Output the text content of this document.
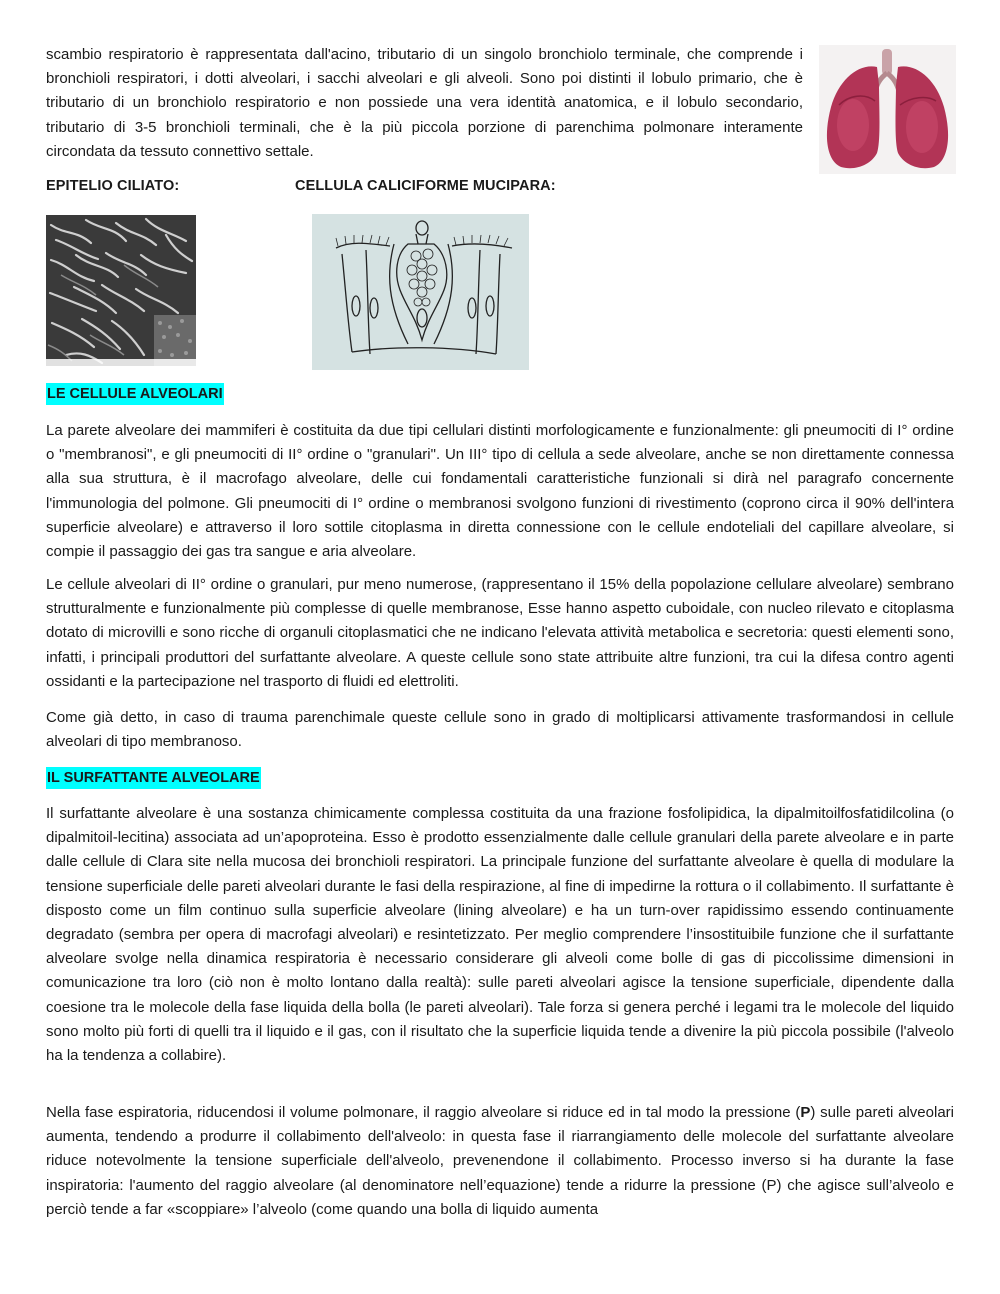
scambio respiratorio è rappresentata dall'acino, tributario di un singolo bronchiolo terminale, che comprende i bronchioli respiratori, i dotti alveolari, i sacchi alveolari e gli alveoli. Sono poi distinti il lobulo primario, che è tributario di un bronchiolo respiratorio e non possiede una vera identità anatomica, e il lobulo secondario, tributario di 3-5 bronchioli terminali, che è la più piccola porzione di parenchima polmonare interamente circondata da tessuto connettivo settale.

EPITELIO CILIATO:	CELLULA CALICIFORME MUCIPARA:
LE CELLULE ALVEOLARI

La parete alveolare dei mammiferi è costituita da due tipi cellulari distinti morfologicamente e funzionalmente: gli pneumociti di I° ordine o "membranosi", e gli pneumociti di II° ordine o "granulari". Un III° tipo di cellula a sede alveolare, anche se non direttamente connessa alla sua struttura, è il macrofago alveolare, delle cui fondamentali caratteristiche funzionali si dirà nel paragrafo concernente l'immunologia del polmone. Gli pneumociti di I° ordine o membranosi svolgono funzioni di rivestimento (coprono circa il 90% dell'intera superficie alveolare) e attraverso il loro sottile citoplasma in diretta connessione con le cellule endoteliali del capillare alveolare, si compie il passaggio dei gas tra sangue e aria alveolare.

Le cellule alveolari di II° ordine o granulari, pur meno numerose, (rappresentano il 15% della popolazione cellulare alveolare) sembrano strutturalmente e funzionalmente più complesse di quelle membranose, Esse hanno aspetto cuboidale, con nucleo rilevato e citoplasma dotato di microvilli e sono ricche di organuli citoplasmatici che ne indicano l'elevata attività metabolica e secretoria: questi elementi sono, infatti, i principali produttori del surfattante alveolare. A queste cellule sono state attribuite altre funzioni, tra cui la difesa contro agenti ossidanti e la partecipazione nel trasporto di fluidi ed elettroliti.

Come già detto, in caso di trauma parenchimale queste cellule sono in grado di moltiplicarsi attivamente trasformandosi in cellule alveolari di tipo membranoso.

IL SURFATTANTE ALVEOLARE

Il surfattante alveolare è una sostanza chimicamente complessa costituita da una frazione fosfolipidica, la dipalmitoilfosfatidilcolina (o dipalmitoil-lecitina) associata ad un’apoproteina. Esso è prodotto essenzialmente dalle cellule granulari della parete alveolare e in parte dalle cellule di Clara site nella mucosa dei bronchioli respiratori. La principale funzione del surfattante alveolare è quella di modulare la tensione superficiale delle pareti alveolari durante le fasi della respirazione, al fine di impedirne la rottura o il collabimento. Il surfattante è disposto come un film continuo sulla superficie alveolare (lining alveolare) e ha un turn-over rapidissimo essendo continuamente degradato (sembra per opera di macrofagi alveolari) e resintetizzato. Per meglio comprendere l’insostituibile funzione che il surfattante alveolare svolge nella dinamica respiratoria è necessario considerare gli alveoli come bolle di gas di piccolissime dimensioni in comunicazione tra loro (ciò non è molto lontano dalla realtà): sulle pareti alveolari agisce la tensione superficiale, dipendente dalla coesione tra le molecole della fase liquida della bolla (le pareti alveolari). Tale forza si genera perché i legami tra le molecole del liquido sono molto più forti di quelli tra il liquido e il gas, con il risultato che la superficie liquida tende a divenire la più piccola possibile (l'alveolo ha la tendenza a collabire).

Nella fase espiratoria, riducendosi il volume polmonare, il raggio alveolare si riduce ed in tal modo la pressione (P) sulle pareti alveolari aumenta, tendendo a produrre il collabimento dell'alveolo: in questa fase il riarrangiamento delle molecole del surfattante alveolare riduce notevolmente la tensione superficiale dell'alveolo, prevenendone il collabimento. Processo inverso si ha durante la fase inspiratoria: l'aumento del raggio alveolare (al denominatore nell’equazione) tende a ridurre la pressione (P) che agisce sull’alveolo e perciò tende a far «scoppiare» l’alveolo (come quando una bolla di liquido aumenta
